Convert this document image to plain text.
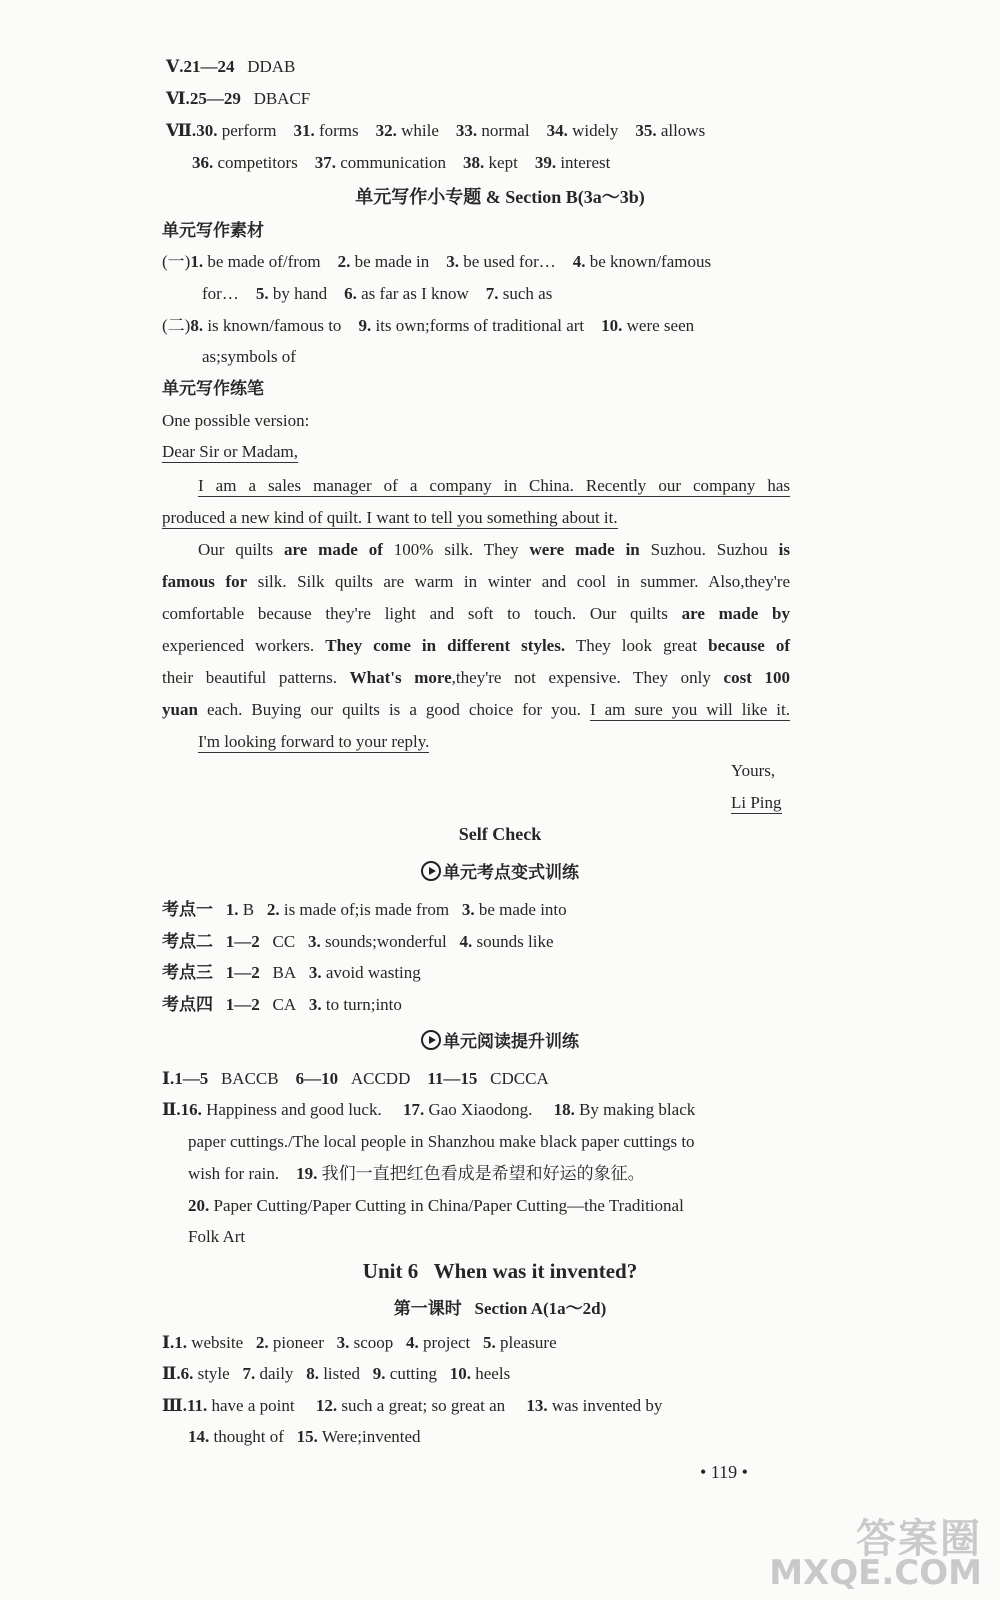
Ⅴ.21—24 DDAB
Ⅵ.25—29 DBACF
Ⅶ.30. perform 31. forms 32. while 33. normal 34. widely 35. allows
36. competitors 37. communication 38. kept 39. interest
单元写作小专题 & Section B(3a～3b)
单元写作素材
(一)1. be made of/from 2. be made in 3. be used for… 4. be known/famous
for… 5. by hand 6. as far as I know 7. such as
(二)8. is known/famous to 9. its own;forms of traditional art 10. were seen
as;symbols of
单元写作练笔
One possible version:
Dear Sir or Madam,

I am a sales manager of a company in China. Recently our company has

produced a new kind of quilt. I want to tell you something about it.

Our quilts are made of 100% silk. They were made in Suzhou. Suzhou is

famous for silk. Silk quilts are warm in winter and cool in summer. Also,they're

comfortable because they're light and soft to touch. Our quilts are made by

experienced workers. They come in different styles. They look great because of

their beautiful patterns. What's more,they're not expensive. They only cost 100

yuan each. Buying our quilts is a good choice for you. I am sure you will like it.

I'm looking forward to your reply.

Yours,
Li Ping
Self Check
单元考点变式训练
考点一 1. B 2. is made of;is made from 3. be made into
考点二 1—2 CC 3. sounds;wonderful 4. sounds like
考点三 1—2 BA 3. avoid wasting
考点四 1—2 CA 3. to turn;into
单元阅读提升训练
Ⅰ.1—5 BACCB 6—10 ACCDD 11—15 CDCCA
Ⅱ.16. Happiness and good luck. 17. Gao Xiaodong. 18. By making black
paper cuttings./The local people in Shanzhou make black paper cuttings to
wish for rain. 19. 我们一直把红色看成是希望和好运的象征。
20. Paper Cutting/Paper Cutting in China/Paper Cutting—the Traditional
Folk Art
Unit 6   When was it invented?
第一课时   Section A(1a～2d)
Ⅰ.1. website 2. pioneer 3. scoop 4. project 5. pleasure
Ⅱ.6. style 7. daily 8. listed 9. cutting 10. heels
Ⅲ.11. have a point 12. such a great; so great an 13. was invented by
14. thought of 15. Were;invented
• 119 •
答案圈
MXQE.COM
